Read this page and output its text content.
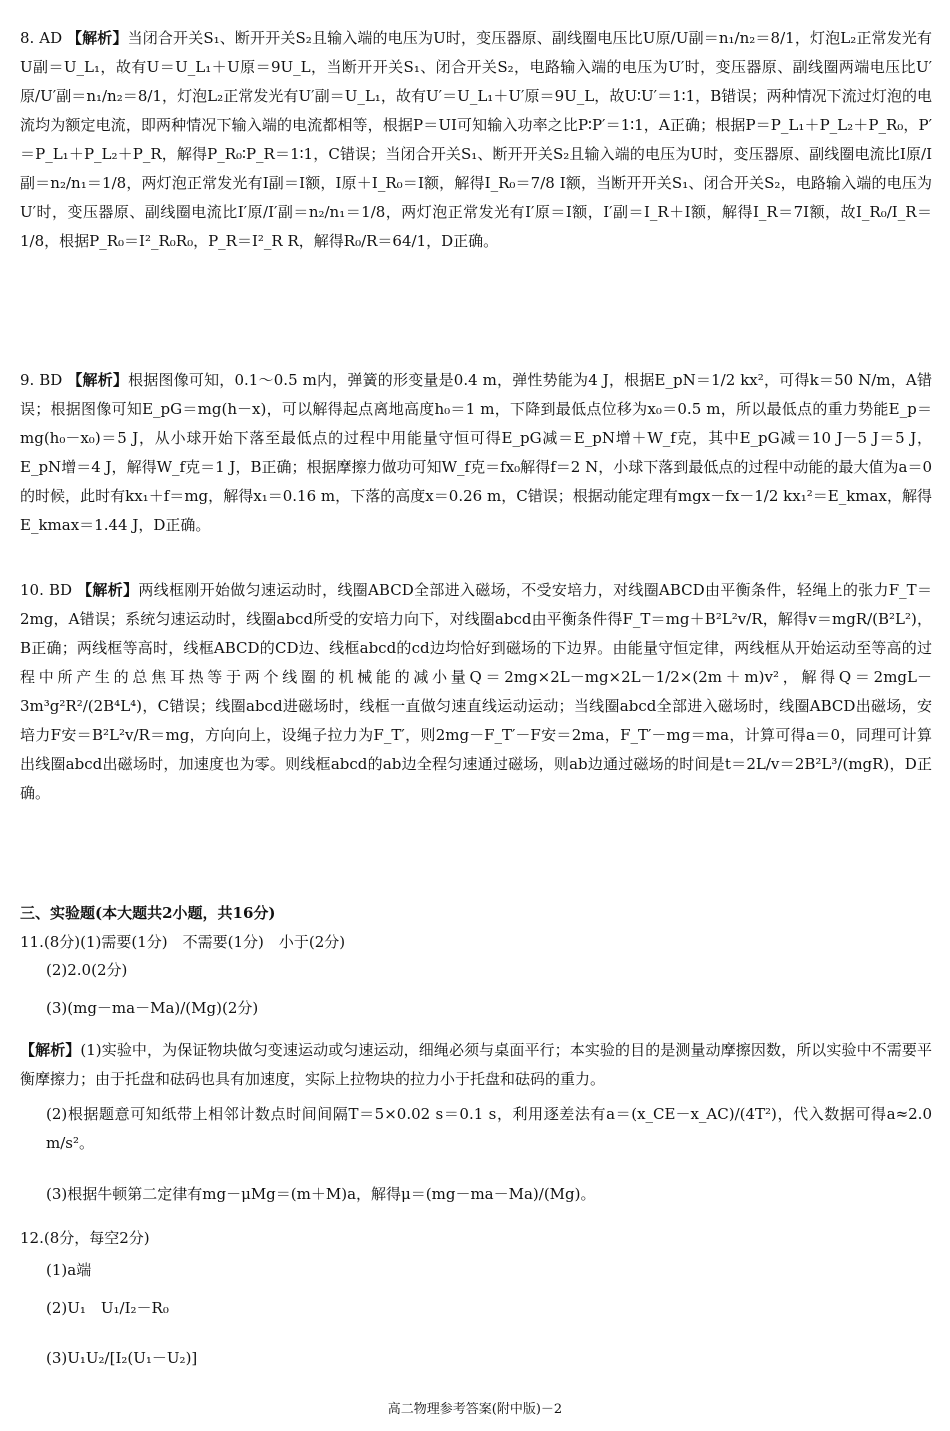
8. AD 【解析】当闭合开关S₁、断开开关S₂且输入端的电压为U时，变压器原、副线圈电压比U原/U副＝n₁/n₂＝8/1，灯泡L₂正常发光有U副＝U_L₁，故有U＝U_L₁＋U原＝9U_L，当断开开关S₁、闭合开关S₂，电路输入端的电压为U′时，变压器原、副线圈两端电压比U′原/U′副＝n₁/n₂＝8/1，灯泡L₂正常发光有U′副＝U_L₁，故有U′＝U_L₁＋U′原＝9U_L，故U∶U′＝1∶1，B错误；两种情况下流过灯泡的电流均为额定电流，即两种情况下输入端的电流都相等，根据P＝UI可知输入功率之比P∶P′＝1∶1，A正确；根据P＝P_L₁＋P_L₂＋P_R₀，P′＝P_L₁＋P_L₂＋P_R，解得P_R₀∶P_R＝1∶1，C错误；当闭合开关S₁、断开开关S₂且输入端的电压为U时，变压器原、副线圈电流比I原/I副＝n₂/n₁＝1/8，两灯泡正常发光有I副＝I额，I原＋I_R₀＝I额，解得I_R₀＝7/8 I额，当断开开关S₁、闭合开关S₂，电路输入端的电压为U′时，变压器原、副线圈电流比I′原/I′副＝n₂/n₁＝1/8，两灯泡正常发光有I′原＝I额，I′副＝I_R＋I额，解得I_R＝7I额，故I_R₀/I_R＝1/8，根据P_R₀＝I²_R₀R₀，P_R＝I²_R R，解得R₀/R＝64/1，D正确。

9. BD 【解析】根据图像可知，0.1～0.5 m内，弹簧的形变量是0.4 m，弹性势能为4 J，根据E_pN＝1/2 kx²，可得k＝50 N/m，A错误；根据图像可知E_pG＝mg(h－x)，可以解得起点离地高度h₀＝1 m，下降到最低点位移为x₀＝0.5 m，所以最低点的重力势能E_p＝mg(h₀－x₀)＝5 J，从小球开始下落至最低点的过程中用能量守恒可得E_pG减＝E_pN增＋W_f克，其中E_pG减＝10 J－5 J＝5 J，E_pN增＝4 J，解得W_f克＝1 J，B正确；根据摩擦力做功可知W_f克＝fx₀解得f＝2 N，小球下落到最低点的过程中动能的最大值为a＝0的时候，此时有kx₁＋f＝mg，解得x₁＝0.16 m，下落的高度x＝0.26 m，C错误；根据动能定理有mgx－fx－1/2 kx₁²＝E_kmax，解得E_kmax＝1.44 J，D正确。

10. BD 【解析】两线框刚开始做匀速运动时，线圈ABCD全部进入磁场，不受安培力，对线圈ABCD由平衡条件，轻绳上的张力F_T＝2mg，A错误；系统匀速运动时，线圈abcd所受的安培力向下，对线圈abcd由平衡条件得F_T＝mg＋B²L²v/R，解得v＝mgR/(B²L²)，B正确；两线框等高时，线框ABCD的CD边、线框abcd的cd边均恰好到磁场的下边界。由能量守恒定律，两线框从开始运动至等高的过程中所产生的总焦耳热等于两个线圈的机械能的减小量Q＝2mg×2L－mg×2L－1/2×(2m＋m)v²，解得Q＝2mgL－3m³g²R²/(2B⁴L⁴)，C错误；线圈abcd进磁场时，线框一直做匀速直线运动运动；当线圈abcd全部进入磁场时，线圈ABCD出磁场，安培力F安＝B²L²v/R＝mg，方向向上，设绳子拉力为F_T′，则2mg－F_T′－F安＝2ma，F_T′－mg＝ma，计算可得a＝0，同理可计算出线圈abcd出磁场时，加速度也为零。则线框abcd的ab边全程匀速通过磁场，则ab边通过磁场的时间是t＝2L/v＝2B²L³/(mgR)，D正确。

三、实验题(本大题共2小题，共16分)

11.(8分)(1)需要(1分)　不需要(1分)　小于(2分)

(2)2.0(2分)

(3)(mg－ma－Ma)/(Mg)(2分)

【解析】(1)实验中，为保证物块做匀变速运动或匀速运动，细绳必须与桌面平行；本实验的目的是测量动摩擦因数，所以实验中不需要平衡摩擦力；由于托盘和砝码也具有加速度，实际上拉物块的拉力小于托盘和砝码的重力。

(2)根据题意可知纸带上相邻计数点时间间隔T＝5×0.02 s＝0.1 s，利用逐差法有a＝(x_CE－x_AC)/(4T²)，代入数据可得a≈2.0 m/s²。

(3)根据牛顿第二定律有mg－μMg＝(m＋M)a，解得μ＝(mg－ma－Ma)/(Mg)。

12.(8分，每空2分)

(1)a端

(2)U₁　U₁/I₂－R₀

(3)U₁U₂/[I₂(U₁－U₂)]

高二物理参考答案(附中版)－2
